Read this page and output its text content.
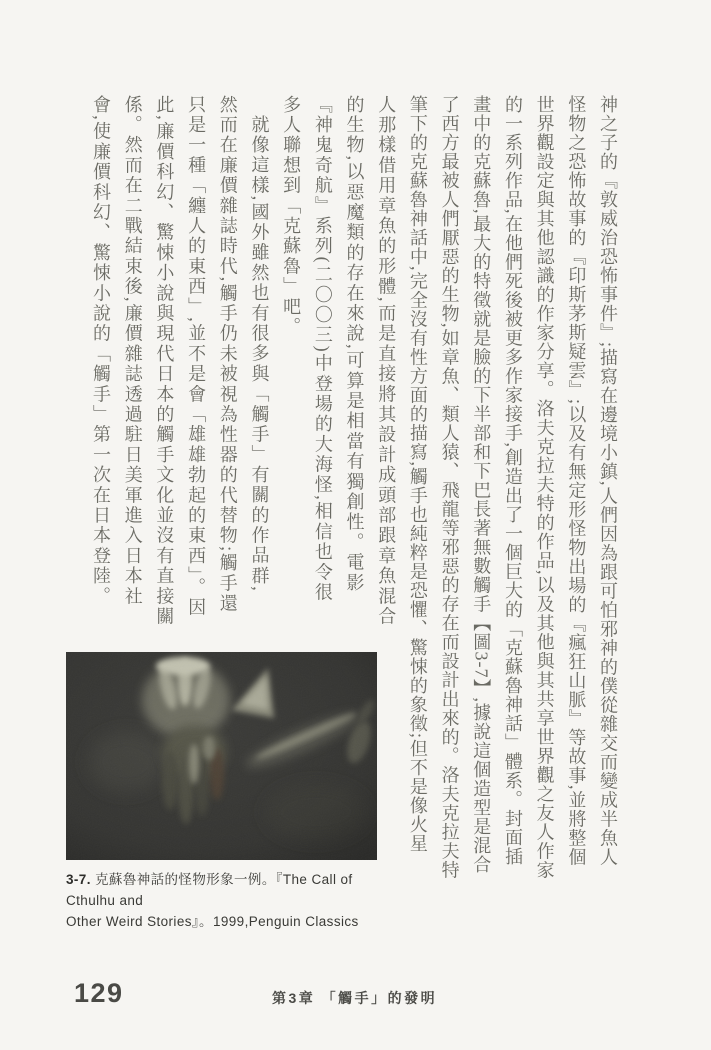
神之子的『敦威治恐怖事件』;描寫在邊境小鎮,人們因為跟可怕邪神的僕從雜交而變成半魚人
怪物之恐怖故事的『印斯茅斯疑雲』;以及有無定形怪物出場的『瘋狂山脈』等故事,並將整個
世界觀設定與其他認識的作家分享。洛夫克拉夫特的作品,以及其他與其共享世界觀之友人作家
的一系列作品,在他們死後被更多作家接手,創造出了一個巨大的「克蘇魯神話」體系。封面插
畫中的克蘇魯,最大的特徵就是臉的下半部和下巴長著無數觸手【圖3-7】,據說這個造型是混合
了西方最被人們厭惡的生物,如章魚、類人猿、飛龍等邪惡的存在而設計出來的。洛夫克拉夫特
筆下的克蘇魯神話中,完全沒有性方面的描寫,觸手也純粹是恐懼、驚悚的象徵;但不是像火星
人那樣借用章魚的形體,而是直接將其設計成頭部跟章魚混合
的生物,以惡魔類的存在來說,可算是相當有獨創性。電影
『神鬼奇航』系列(二〇〇三)中登場的大海怪,相信也令很
多人聯想到「克蘇魯」吧。
就像這樣,國外雖然也有很多與「觸手」有關的作品群,
然而在廉價雜誌時代,觸手仍未被視為性器的代替物;觸手還
只是一種「纏人的東西」,並不是會「雄雄勃起的東西」。因
此,廉價科幻、驚悚小說與現代日本的觸手文化並沒有直接關
係。然而在二戰結束後,廉價雜誌透過駐日美軍進入日本社
會,使廉價科幻、驚悚小說的「觸手」第一次在日本登陸。
3-7. 克蘇魯神話的怪物形象一例。『The Call of Cthulhu and
Other Weird Stories』。1999,Penguin Classics
129	第3章 「觸手」的發明
